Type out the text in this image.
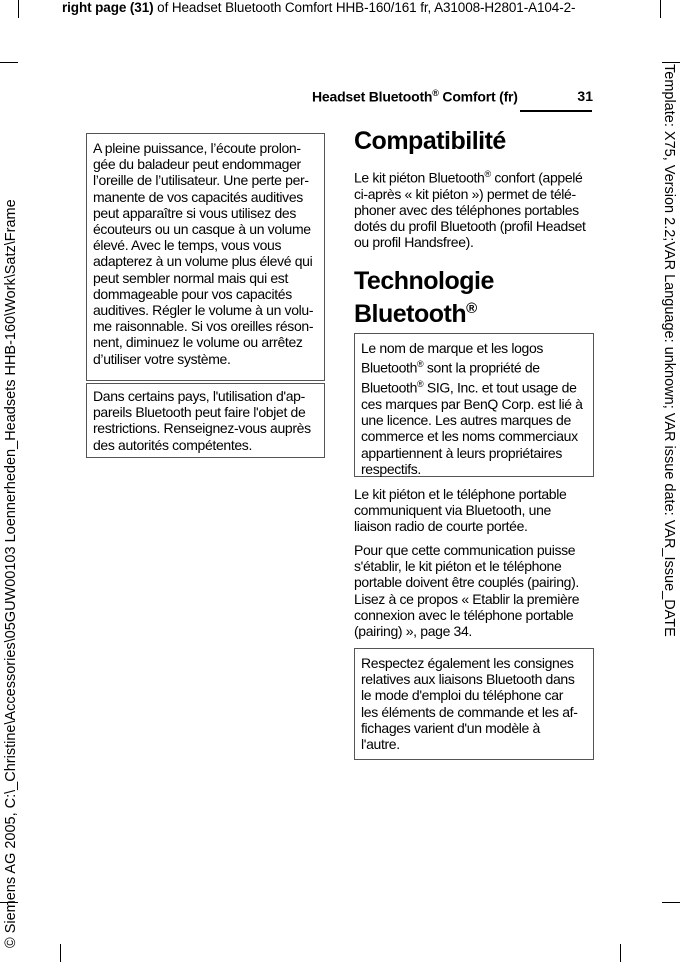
right page (31) of Headset Bluetooth Comfort HHB-160/161 fr, A31008-H2801-A104-2-
© Siemens AG 2005, C:\_Christine\Accessories\05GUW00103 Loennerheden_Headsets HHB-160\Work\Satz\Frame	Template: X75, Version 2.2;VAR Language: unknown; VAR issue date: VAR_Issue_DATE
Headset Bluetooth® Comfort (fr)	31
A pleine puissance, l’écoute prolon-
gée du baladeur peut endommager
l’oreille de l’utilisateur. Une perte per-
manente de vos capacités auditives
peut apparaître si vous utilisez des
écouteurs ou un casque à un volume
élevé. Avec le temps, vous vous
adapterez à un volume plus élevé qui
peut sembler normal mais qui est
dommageable pour vos capacités
auditives. Régler le volume à un volu-
me raisonnable. Si vos oreilles réson-
nent, diminuez le volume ou arrêtez
d’utiliser votre système.
Dans certains pays, l'utilisation d'ap-
pareils Bluetooth peut faire l'objet de
restrictions. Renseignez-vous auprès
des autorités compétentes.
Compatibilité
Le kit piéton Bluetooth® confort (appelé
ci-après « kit piéton ») permet de télé-
phoner avec des téléphones portables
dotés du profil Bluetooth (profil Headset
ou profil Handsfree).
Technologie
Bluetooth®
Le nom de marque et les logos
Bluetooth® sont la propriété de
Bluetooth® SIG, Inc. et tout usage de
ces marques par BenQ Corp. est lié à
une licence. Les autres marques de
commerce et les noms commerciaux
appartiennent à leurs propriétaires
respectifs.
Le kit piéton et le téléphone portable
communiquent via Bluetooth, une
liaison radio de courte portée.
Pour que cette communication puisse
s'établir, le kit piéton et le téléphone
portable doivent être couplés (pairing).
Lisez à ce propos « Etablir la première
connexion avec le téléphone portable
(pairing) », page 34.
Respectez également les consignes
relatives aux liaisons Bluetooth dans
le mode d'emploi du téléphone car
les éléments de commande et les af-
fichages varient d'un modèle à
l'autre.
